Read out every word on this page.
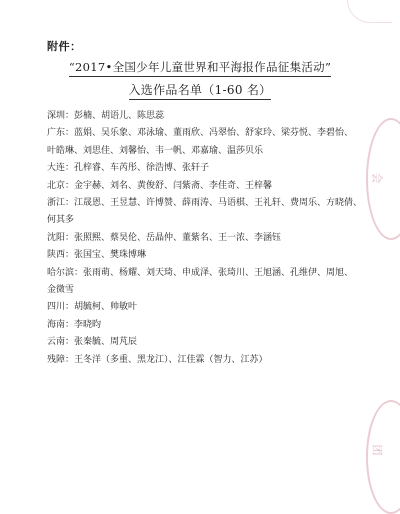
附件：
“2017•全国少年儿童世界和平海报作品征集活动”
入选作品名单（1-60 名）
深圳： 彭楠、胡语儿、陈思蕊
广东： 蓝娟、吴乐象、邓泳瑜、董雨欣、冯翠怡、舒家玲、梁芬悦、李碧怡、
叶皓琳、刘思佳、刘馨怡、韦一帆、邓嘉瑜、温莎贝乐
大连： 孔梓睿、车芮彤、徐浩博、张轩子
北京： 金宇赫、刘名、黄俊舒、闫紫斋、李佳奇、王梓馨
浙江： 江晟恩、王昱慧、许博赞、薛雨涛、马语棋、王礼轩、费周乐、方晓倩、
何其多
沈阳： 张照熙、蔡昊伦、岳晶仲、董紫名、王一浓、李涵钰
陕西： 张国宝、樊珠博琳
哈尔滨： 张雨萌、杨耀、刘天琦、申成泽、张琦川、王旭涵、孔维伊、周旭、
金微雪
四川： 胡毓柯、帅敏叶
海南： 李晓昀
云南： 张秦毓、周芃辰
残障： 王冬洋（多重、黑龙江）、江佳霖（智力、江苏）
会
团
